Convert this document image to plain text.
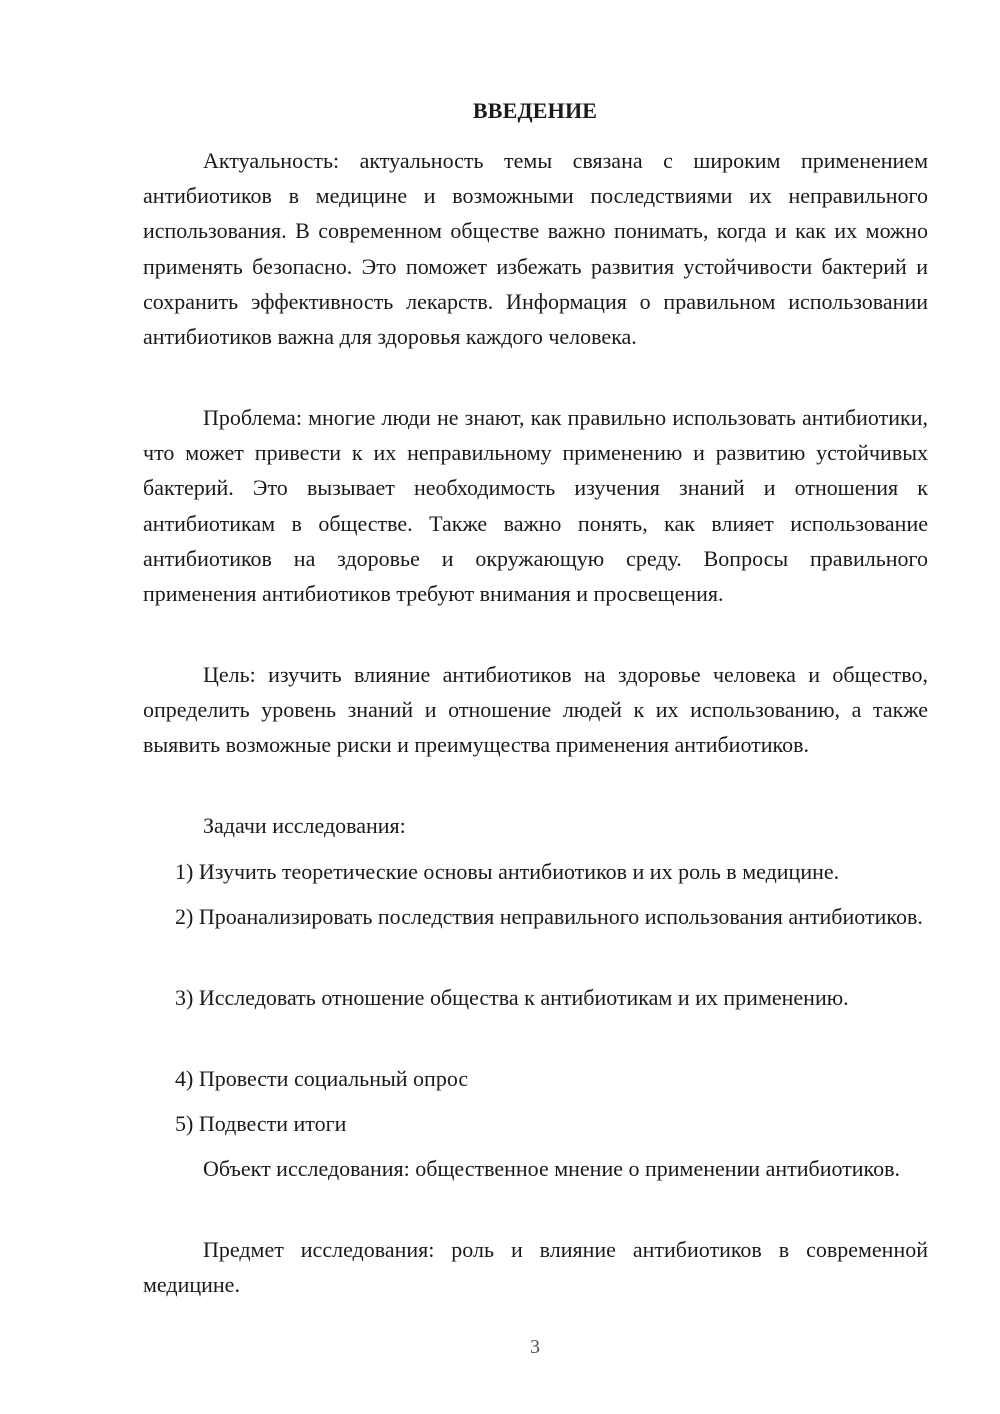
ВВЕДЕНИЕ

Актуальность: актуальность темы связана с широким применением антибиотиков в медицине и возможными последствиями их неправильного использования. В современном обществе важно понимать, когда и как их можно применять безопасно. Это поможет избежать развития устойчивости бактерий и сохранить эффективность лекарств. Информация о правильном использовании антибиотиков важна для здоровья каждого человека.

Проблема: многие люди не знают, как правильно использовать антибиотики, что может привести к их неправильному применению и развитию устойчивых бактерий. Это вызывает необходимость изучения знаний и отношения к антибиотикам в обществе. Также важно понять, как влияет использование антибиотиков на здоровье и окружающую среду. Вопросы правильного применения антибиотиков требуют внимания и просвещения.

Цель: изучить влияние антибиотиков на здоровье человека и общество, определить уровень знаний и отношение людей к их использованию, а также выявить возможные риски и преимущества применения антибиотиков.

Задачи исследования:

1) Изучить теоретические основы антибиотиков и их роль в медицине.

2) Проанализировать последствия неправильного использования антибиотиков.

3) Исследовать отношение общества к антибиотикам и их применению.

4) Провести социальный опрос

5) Подвести итоги

Объект исследования: общественное мнение о применении антибиотиков.

Предмет исследования: роль и влияние антибиотиков в современной медицине.

3
